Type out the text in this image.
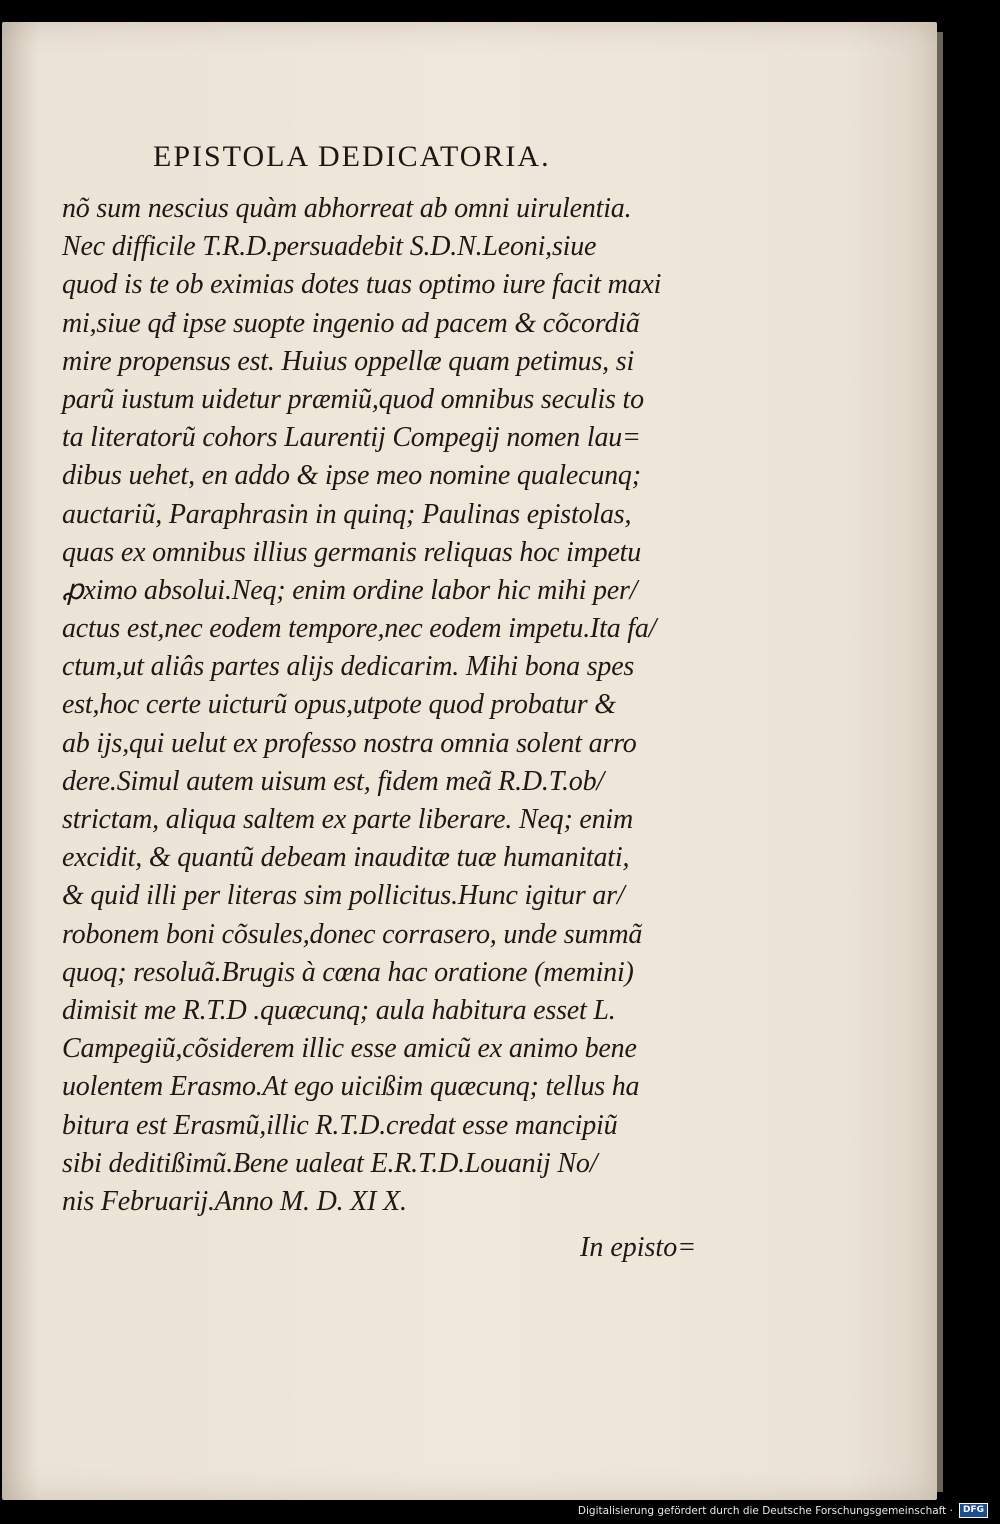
EPISTOLA DEDICATORIA.
nõ sum nescius quàm abhorreat ab omni uirulentia.
Nec difficile T.R.D.persuadebit S.D.N.Leoni,siue
quod is te ob eximias dotes tuas optimo iure facit maxi
mi,siue qđ ipse suopte ingenio ad pacem & cõcordiã
mire propensus est. Huius oppellæ quam petimus, si
parũ iustum uidetur præmiũ,quod omnibus seculis to
ta literatorũ cohors Laurentij Compegij nomen lau=
dibus uehet, en addo & ipse meo nomine qualecunq;
auctariũ, Paraphrasin in quinq; Paulinas epistolas,
quas ex omnibus illius germanis reliquas hoc impetu
ꝓximo absolui.Neq; enim ordine labor hic mihi per/
actus est,nec eodem tempore,nec eodem impetu.Ita fa/
ctum,ut aliâs partes alijs dedicarim. Mihi bona spes
est,hoc certe uicturũ opus,utpote quod probatur &
ab ijs,qui uelut ex professo nostra omnia solent arro
dere.Simul autem uisum est, fidem meã R.D.T.ob/
strictam, aliqua saltem ex parte liberare. Neq; enim
excidit, & quantũ debeam inauditæ tuæ humanitati,
& quid illi per literas sim pollicitus.Hunc igitur ar/
robonem boni cõsules,donec corrasero, unde summã
quoq; resoluã.Brugis à cœna hac oratione (memini)
dimisit me R.T.D .quæcunq; aula habitura esset L.
Campegiũ,cõsiderem illic esse amicũ ex animo bene
uolentem Erasmo.At ego uicißim quæcunq; tellus ha
bitura est Erasmũ,illic R.T.D.credat esse mancipiũ
sibi deditißimũ.Bene ualeat E.R.T.D.Louanij No/
nis Februarij.Anno M. D. XI X.
In episto=
Digitalisierung gefördert durch die Deutsche Forschungsgemeinschaft ·	DFG
